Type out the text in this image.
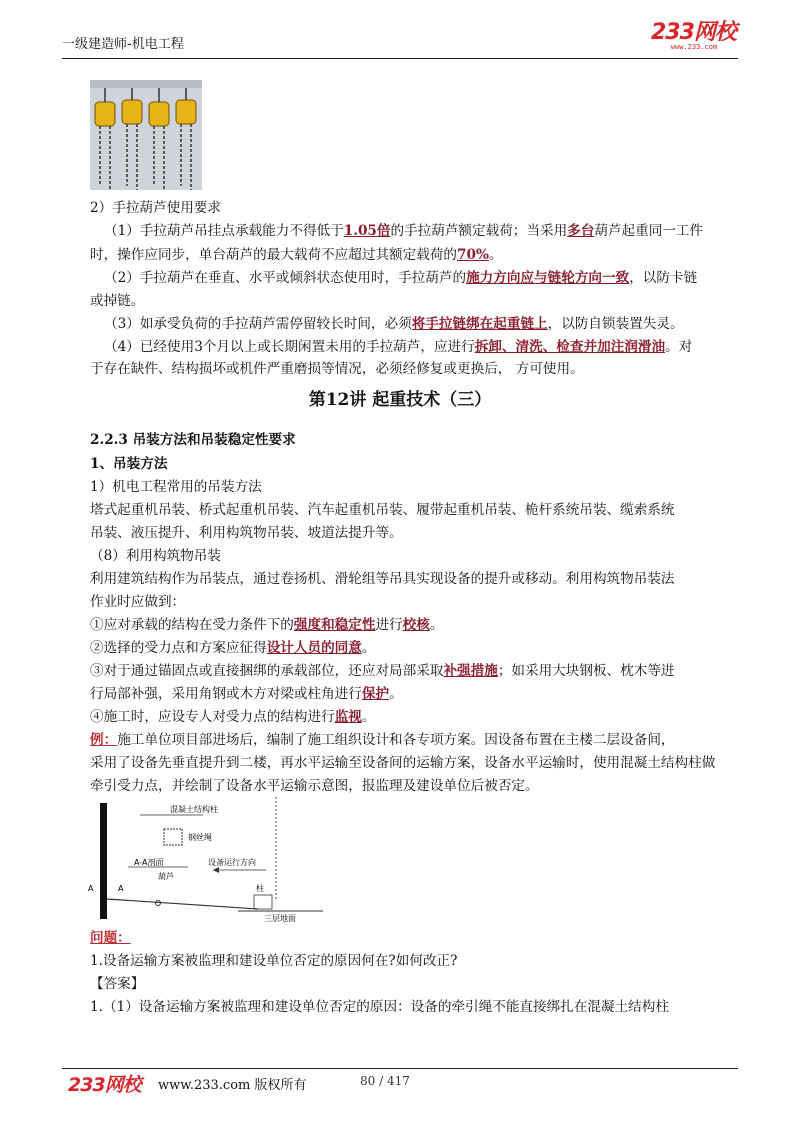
一级建造师-机电工程	233网校
www.233.com
2）手拉葫芦使用要求
（1）手拉葫芦吊挂点承载能力不得低于1.05倍的手拉葫芦额定载荷；当采用多台葫芦起重同一工件
时，操作应同步，单台葫芦的最大载荷不应超过其额定载荷的70%。
（2）手拉葫芦在垂直、水平或倾斜状态使用时，手拉葫芦的施力方向应与链轮方向一致，以防卡链
或掉链。
（3）如承受负荷的手拉葫芦需停留较长时间，必须将手拉链绑在起重链上，以防自锁装置失灵。
（4）已经使用3个月以上或长期闲置未用的手拉葫芦，应进行拆卸、清洗、检查并加注润滑油。对
于存在缺件、结构损坏或机件严重磨损等情况，必须经修复或更换后， 方可使用。
第12讲 起重技术（三）
2.2.3 吊装方法和吊装稳定性要求
1、吊装方法
1）机电工程常用的吊装方法
塔式起重机吊装、桥式起重机吊装、汽车起重机吊装、履带起重机吊装、桅杆系统吊装、缆索系统
吊装、液压提升、利用构筑物吊装、坡道法提升等。
（8）利用构筑物吊装
利用建筑结构作为吊装点，通过卷扬机、滑轮组等吊具实现设备的提升或移动。利用构筑物吊装法
作业时应做到：
①应对承载的结构在受力条件下的强度和稳定性进行校核。
②选择的受力点和方案应征得设计人员的同意。
③对于通过锚固点或直接捆绑的承载部位，还应对局部采取补强措施；如采用大块钢板、枕木等进
行局部补强，采用角钢或木方对梁或柱角进行保护。
④施工时，应设专人对受力点的结构进行监视。
例：施工单位项目部进场后，编制了施工组织设计和各专项方案。因设备布置在主楼二层设备间，
采用了设备先垂直提升到二楼，再水平运输至设备间的运输方案，设备水平运输时，使用混凝土结构柱做
牵引受力点，并绘制了设备水平运输示意图，报监理及建设单位后被否定。
混凝土结构柱
钢丝绳
A-A剖面	设备运行方向
葫芦
A	A	柱
三层地面
问题：
1.设备运输方案被监理和建设单位否定的原因何在?如何改正?
【答案】
1.（1）设备运输方案被监理和建设单位否定的原因：设备的牵引绳不能直接绑扎在混凝土结构柱
233网校 www.233.com 版权所有	80 / 417
